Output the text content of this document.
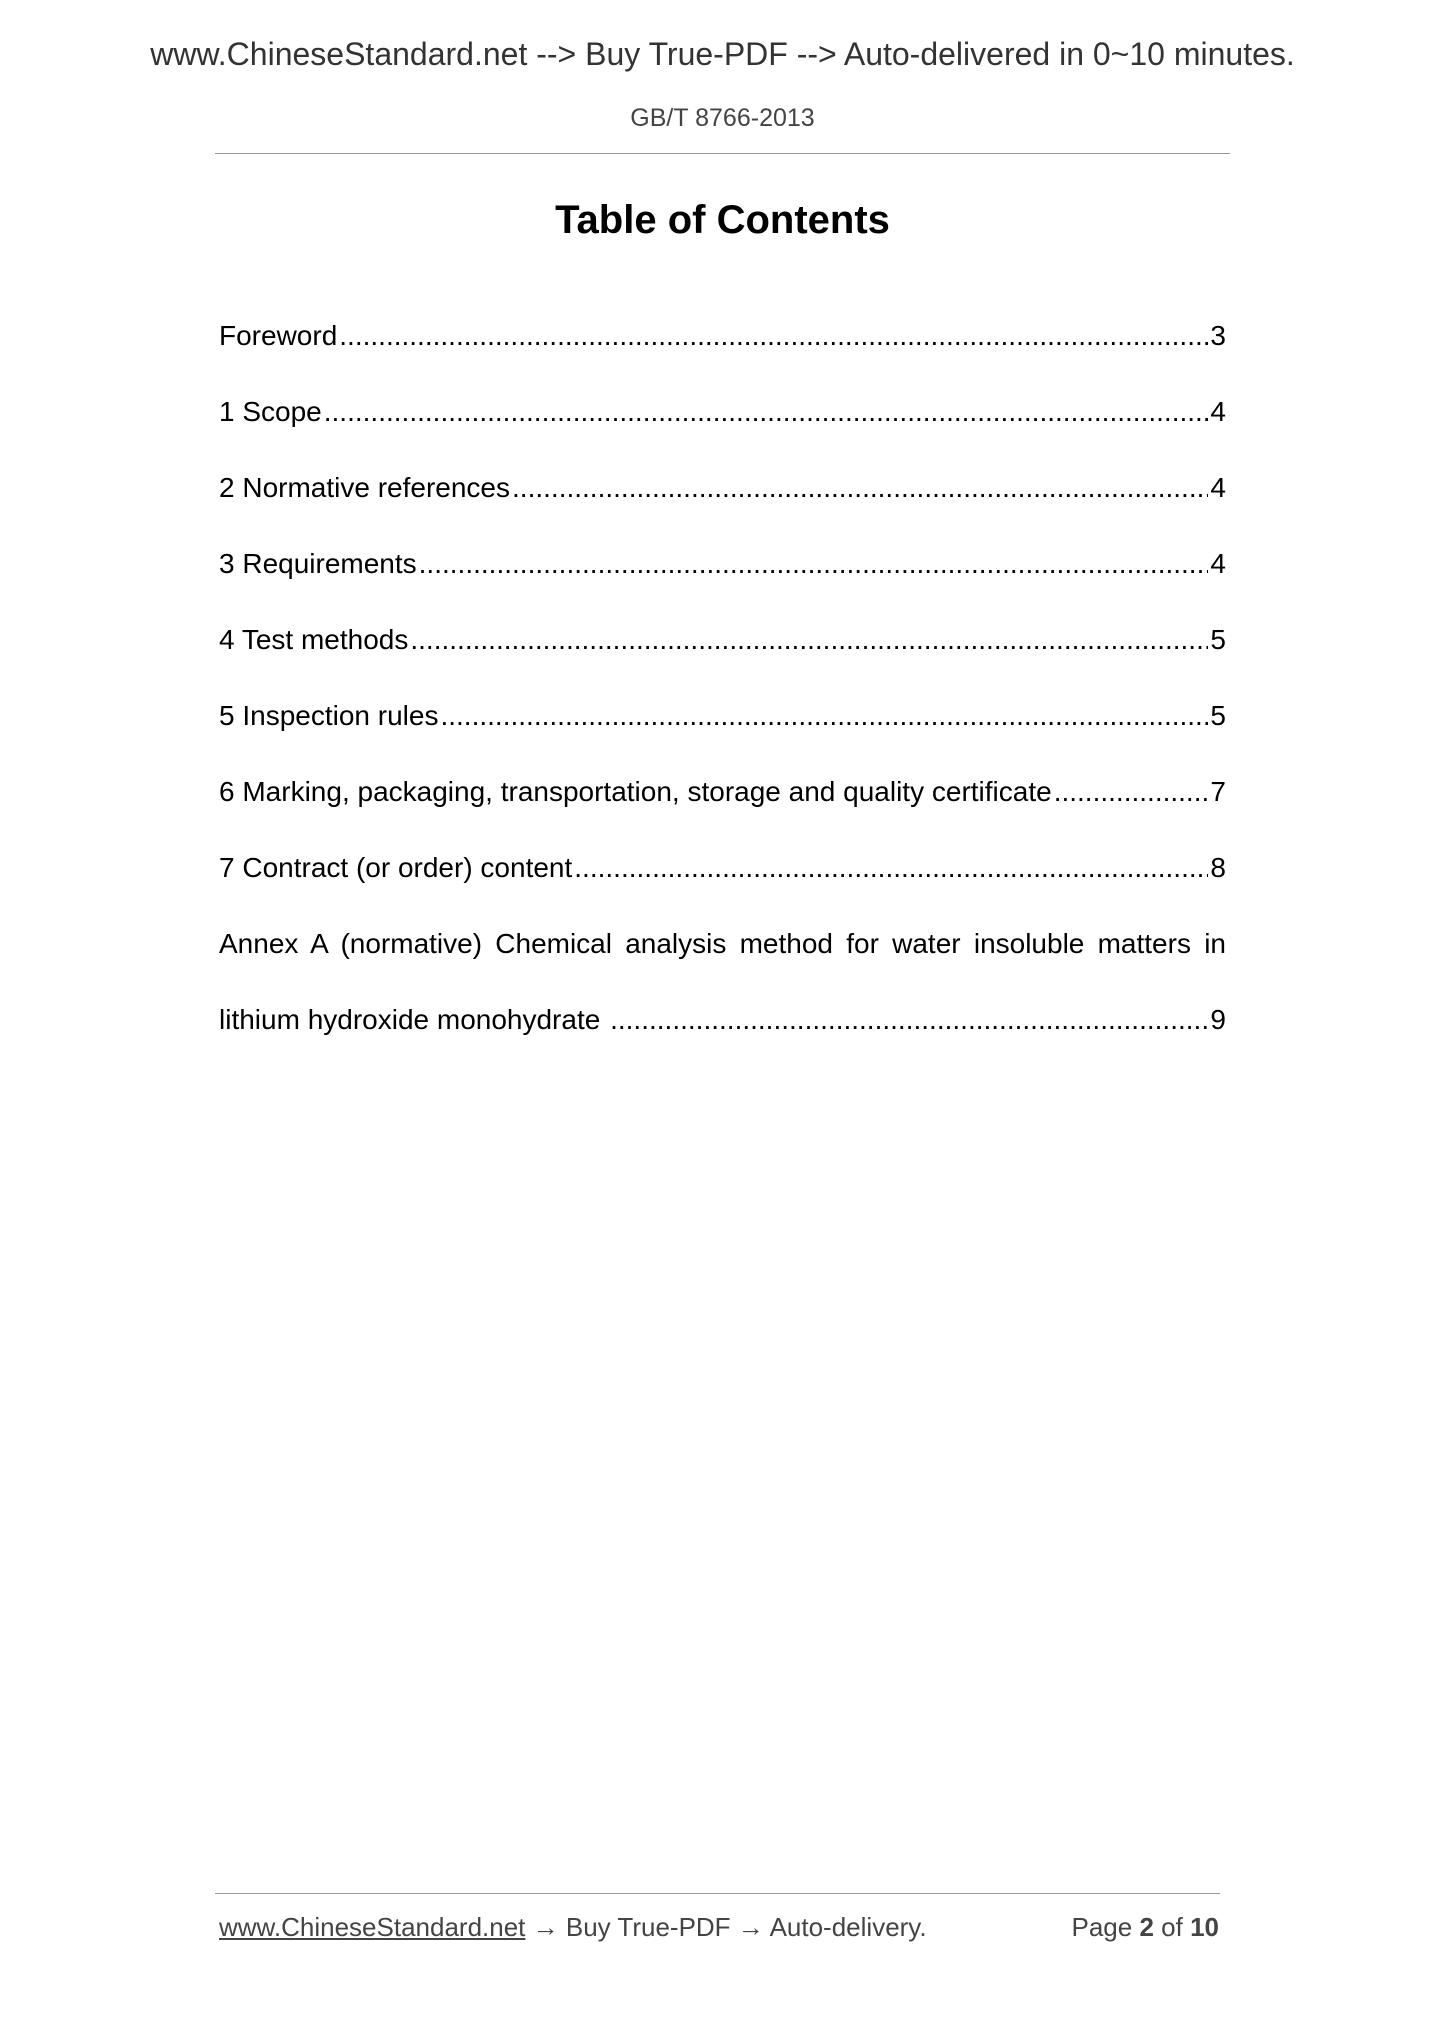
www.ChineseStandard.net --> Buy True-PDF --> Auto-delivered in 0~10 minutes.
GB/T 8766-2013
Table of Contents
Foreword .....	3
1 Scope .....	4
2 Normative references .....	4
3 Requirements .....	4
4 Test methods .....	5
5 Inspection rules .....	5
6 Marking, packaging, transportation, storage and quality certificate .....	7
7 Contract (or order) content .....	8
Annex A (normative) Chemical analysis method for water insoluble matters in
lithium hydroxide monohydrate .....	9
www.ChineseStandard.net → Buy True-PDF → Auto-delivery.	Page 2 of 10
